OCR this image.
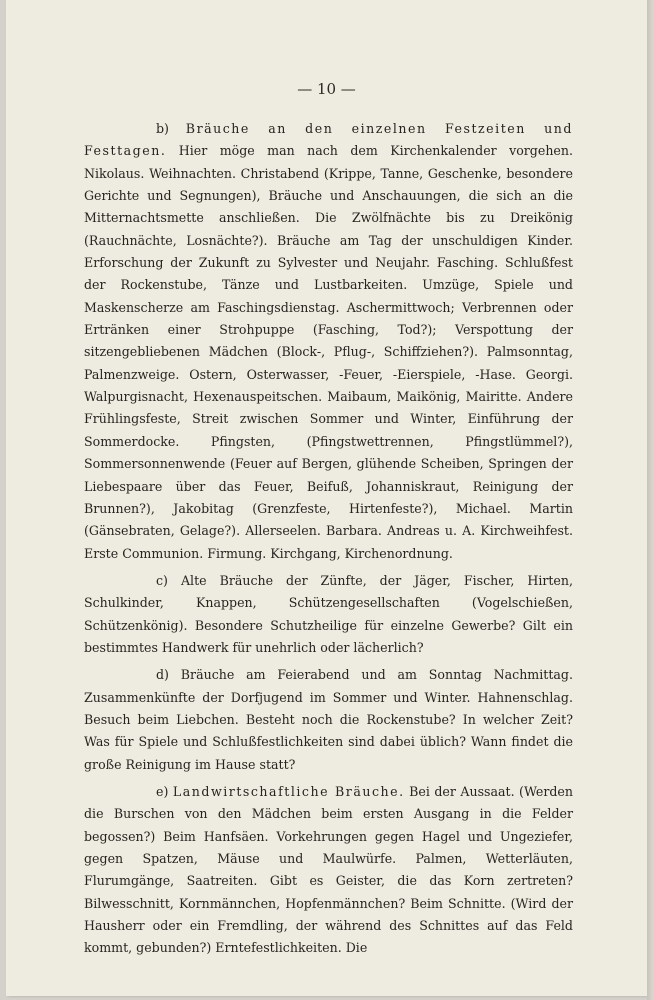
— 10 —

b) Bräuche an den einzelnen Festzeiten und Festtagen. Hier möge man nach dem Kirchenkalender vorgehen. Nikolaus. Weihnachten. Christabend (Krippe, Tanne, Geschenke, besondere Gerichte und Segnungen), Bräuche und Anschauungen, die sich an die Mitternachtsmette anschließen. Die Zwölfnächte bis zu Dreikönig (Rauchnächte, Losnächte?). Bräuche am Tag der unschuldigen Kinder. Erforschung der Zukunft zu Sylvester und Neujahr. Fasching. Schlußfest der Rockenstube, Tänze und Lustbarkeiten. Umzüge, Spiele und Maskenscherze am Faschingsdienstag. Aschermittwoch; Verbrennen oder Ertränken einer Strohpuppe (Fasching, Tod?); Verspottung der sitzengebliebenen Mädchen (Block-, Pflug-, Schiffziehen?). Palmsonntag, Palmenzweige. Ostern, Osterwasser, -Feuer, -Eierspiele, -Hase. Georgi. Walpurgisnacht, Hexenauspeitschen. Maibaum, Maikönig, Mairitte. Andere Frühlingsfeste, Streit zwischen Sommer und Winter, Einführung der Sommerdocke. Pfingsten, (Pfingstwettrennen, Pfingstlümmel?), Sommersonnenwende (Feuer auf Bergen, glühende Scheiben, Springen der Liebespaare über das Feuer, Beifuß, Johanniskraut, Reinigung der Brunnen?), Jakobitag (Grenzfeste, Hirtenfeste?), Michael. Martin (Gänsebraten, Gelage?). Allerseelen. Barbara. Andreas u. A. Kirchweihfest. Erste Communion. Firmung. Kirchgang, Kirchenordnung.

c) Alte Bräuche der Zünfte, der Jäger, Fischer, Hirten, Schulkinder, Knappen, Schützengesellschaften (Vogelschießen, Schützenkönig). Besondere Schutzheilige für einzelne Gewerbe? Gilt ein bestimmtes Handwerk für unehrlich oder lächerlich?

d) Bräuche am Feierabend und am Sonntag Nachmittag. Zusammenkünfte der Dorfjugend im Sommer und Winter. Hahnenschlag. Besuch beim Liebchen. Besteht noch die Rockenstube? In welcher Zeit? Was für Spiele und Schlußfestlichkeiten sind dabei üblich? Wann findet die große Reinigung im Hause statt?

e) Landwirtschaftliche Bräuche. Bei der Aussaat. (Werden die Burschen von den Mädchen beim ersten Ausgang in die Felder begossen?) Beim Hanfsäen. Vorkehrungen gegen Hagel und Ungeziefer, gegen Spatzen, Mäuse und Maulwürfe. Palmen, Wetterläuten, Flurumgänge, Saatreiten. Gibt es Geister, die das Korn zertreten? Bilwesschnitt, Kornmännchen, Hopfenmännchen? Beim Schnitte. (Wird der Hausherr oder ein Fremdling, der während des Schnittes auf das Feld kommt, gebunden?) Erntefestlichkeiten. Die
